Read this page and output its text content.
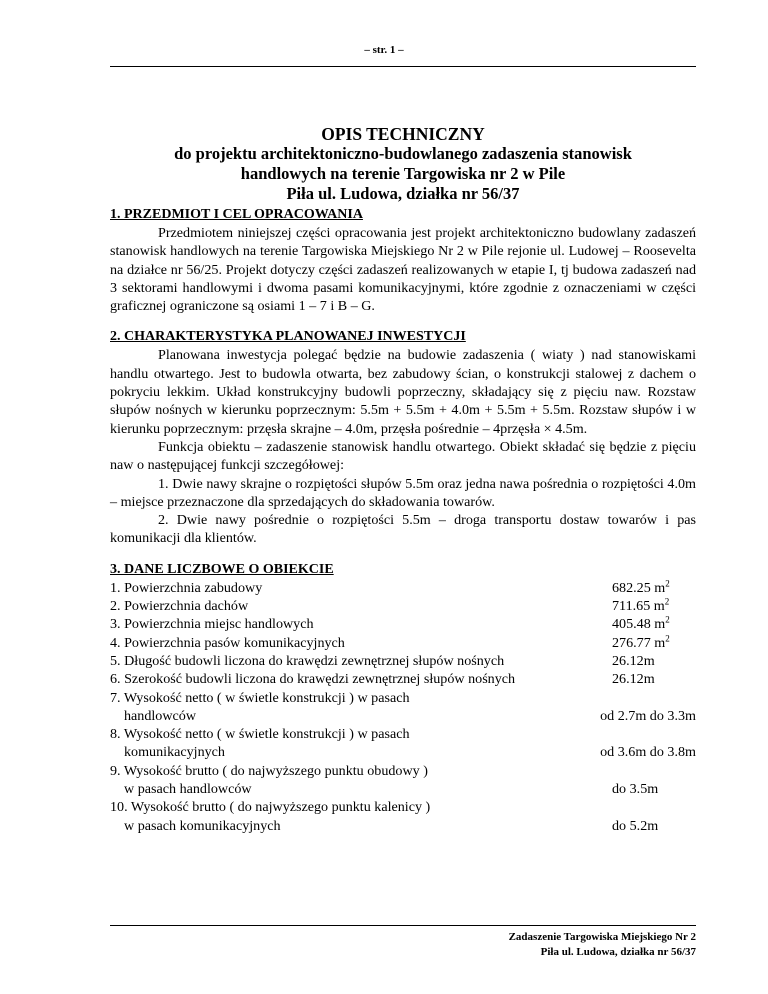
– str. 1 –
OPIS TECHNICZNY
do projektu architektoniczno-budowlanego zadaszenia stanowisk
handlowych na terenie Targowiska nr 2 w Pile
Piła ul. Ludowa, działka nr 56/37

1. PRZEDMIOT I CEL OPRACOWANIA

Przedmiotem niniejszej części opracowania jest projekt architektoniczno budowlany zadaszeń stanowisk handlowych na terenie Targowiska Miejskiego Nr 2 w Pile rejonie ul. Ludowej – Roosevelta na działce nr 56/25. Projekt dotyczy części zadaszeń realizowanych w etapie I, tj budowa zadaszeń nad 3 sektorami handlowymi i dwoma pasami komunikacyjnymi, które zgodnie z oznaczeniami w części graficznej ograniczone są osiami 1 – 7 i B – G.

2. CHARAKTERYSTYKA PLANOWANEJ INWESTYCJI

Planowana inwestycja polegać będzie na budowie zadaszenia ( wiaty ) nad stanowiskami handlu otwartego. Jest to budowla otwarta, bez zabudowy ścian, o konstrukcji stalowej z dachem o pokryciu lekkim. Układ konstrukcyjny budowli poprzeczny, składający się z pięciu naw. Rozstaw słupów nośnych w kierunku poprzecznym: 5.5m + 5.5m + 4.0m + 5.5m + 5.5m. Rozstaw słupów i w kierunku poprzecznym: przęsła skrajne – 4.0m, przęsła pośrednie – 4przęsła × 4.5m.

Funkcja obiektu – zadaszenie stanowisk handlu otwartego. Obiekt składać się będzie z pięciu naw o następującej funkcji szczegółowej:

1. Dwie nawy skrajne o rozpiętości słupów 5.5m oraz jedna nawa pośrednia o rozpiętości 4.0m – miejsce przeznaczone dla sprzedających do składowania towarów.

2. Dwie nawy pośrednie o rozpiętości 5.5m – droga transportu dostaw towarów i pas komunikacji dla klientów.

3. DANE LICZBOWE O OBIEKCIE

1. Powierzchnia zabudowy	682.25 $m^2$
2. Powierzchnia dachów	711.65 $m^2$
3. Powierzchnia miejsc handlowych	405.48 $m^2$
4. Powierzchnia pasów komunikacyjnych	276.77 $m^2$
5. Długość budowli liczona do krawędzi zewnętrznej słupów nośnych	26.12m
6. Szerokość budowli liczona do krawędzi zewnętrznej słupów nośnych	26.12m
7. Wysokość netto ( w świetle konstrukcji ) w pasach
handlowców	od 2.7m do 3.3m
8. Wysokość netto ( w świetle konstrukcji ) w pasach
komunikacyjnych	od 3.6m do 3.8m
9. Wysokość brutto ( do najwyższego punktu obudowy )
w pasach handlowców	do 3.5m
10. Wysokość brutto ( do najwyższego punktu kalenicy )
w pasach komunikacyjnych	do 5.2m
Zadaszenie Targowiska Miejskiego Nr 2
Piła ul. Ludowa, działka nr 56/37
